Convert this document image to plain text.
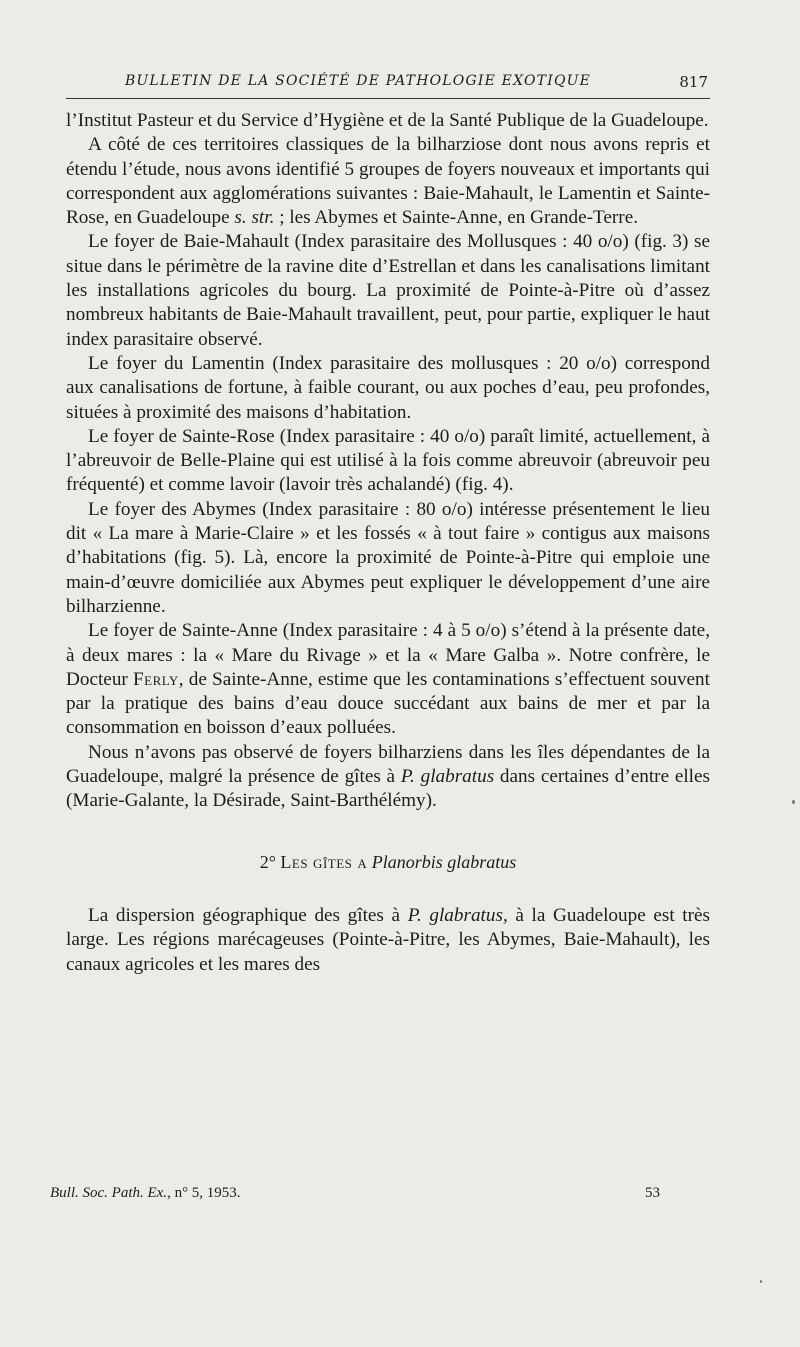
BULLETIN DE LA SOCIÉTÉ DE PATHOLOGIE EXOTIQUE	817

l’Institut Pasteur et du Service d’Hygiène et de la Santé Publique de la Guadeloupe.

A côté de ces territoires classiques de la bilharziose dont nous avons repris et étendu l’étude, nous avons identifié 5 groupes de foyers nouveaux et importants qui correspondent aux agglomérations suivantes : Baie-Mahault, le Lamentin et Sainte-Rose, en Guadeloupe s. str. ; les Abymes et Sainte-Anne, en Grande-Terre.

Le foyer de Baie-Mahault (Index parasitaire des Mollusques : 40 o/o) (fig. 3) se situe dans le périmètre de la ravine dite d’Estrellan et dans les canalisations limitant les installations agricoles du bourg. La proximité de Pointe-à-Pitre où d’assez nombreux habitants de Baie-Mahault travaillent, peut, pour partie, expliquer le haut index parasitaire observé.

Le foyer du Lamentin (Index parasitaire des mollusques : 20 o/o) correspond aux canalisations de fortune, à faible courant, ou aux poches d’eau, peu profondes, situées à proximité des maisons d’habitation.

Le foyer de Sainte-Rose (Index parasitaire : 40 o/o) paraît limité, actuellement, à l’abreuvoir de Belle-Plaine qui est utilisé à la fois comme abreuvoir (abreuvoir peu fréquenté) et comme lavoir (lavoir très achalandé) (fig. 4).

Le foyer des Abymes (Index parasitaire : 80 o/o) intéresse présentement le lieu dit « La mare à Marie-Claire » et les fossés « à tout faire » contigus aux maisons d’habitations (fig. 5). Là, encore la proximité de Pointe-à-Pitre qui emploie une main-d’œuvre domiciliée aux Abymes peut expliquer le développement d’une aire bilharzienne.

Le foyer de Sainte-Anne (Index parasitaire : 4 à 5 o/o) s’étend à la présente date, à deux mares : la « Mare du Rivage » et la « Mare Galba ». Notre confrère, le Docteur Ferly, de Sainte-Anne, estime que les contaminations s’effectuent souvent par la pratique des bains d’eau douce succédant aux bains de mer et par la consommation en boisson d’eaux polluées.

Nous n’avons pas observé de foyers bilharziens dans les îles dépendantes de la Guadeloupe, malgré la présence de gîtes à P. glabratus dans certaines d’entre elles (Marie-Galante, la Désirade, Saint-Barthélémy).

2° Les gîtes a Planorbis glabratus

La dispersion géographique des gîtes à P. glabratus, à la Guadeloupe est très large. Les régions marécageuses (Pointe-à-Pitre, les Abymes, Baie-Mahault), les canaux agricoles et les mares des

Bull. Soc. Path. Ex., n° 5, 1953.	53
